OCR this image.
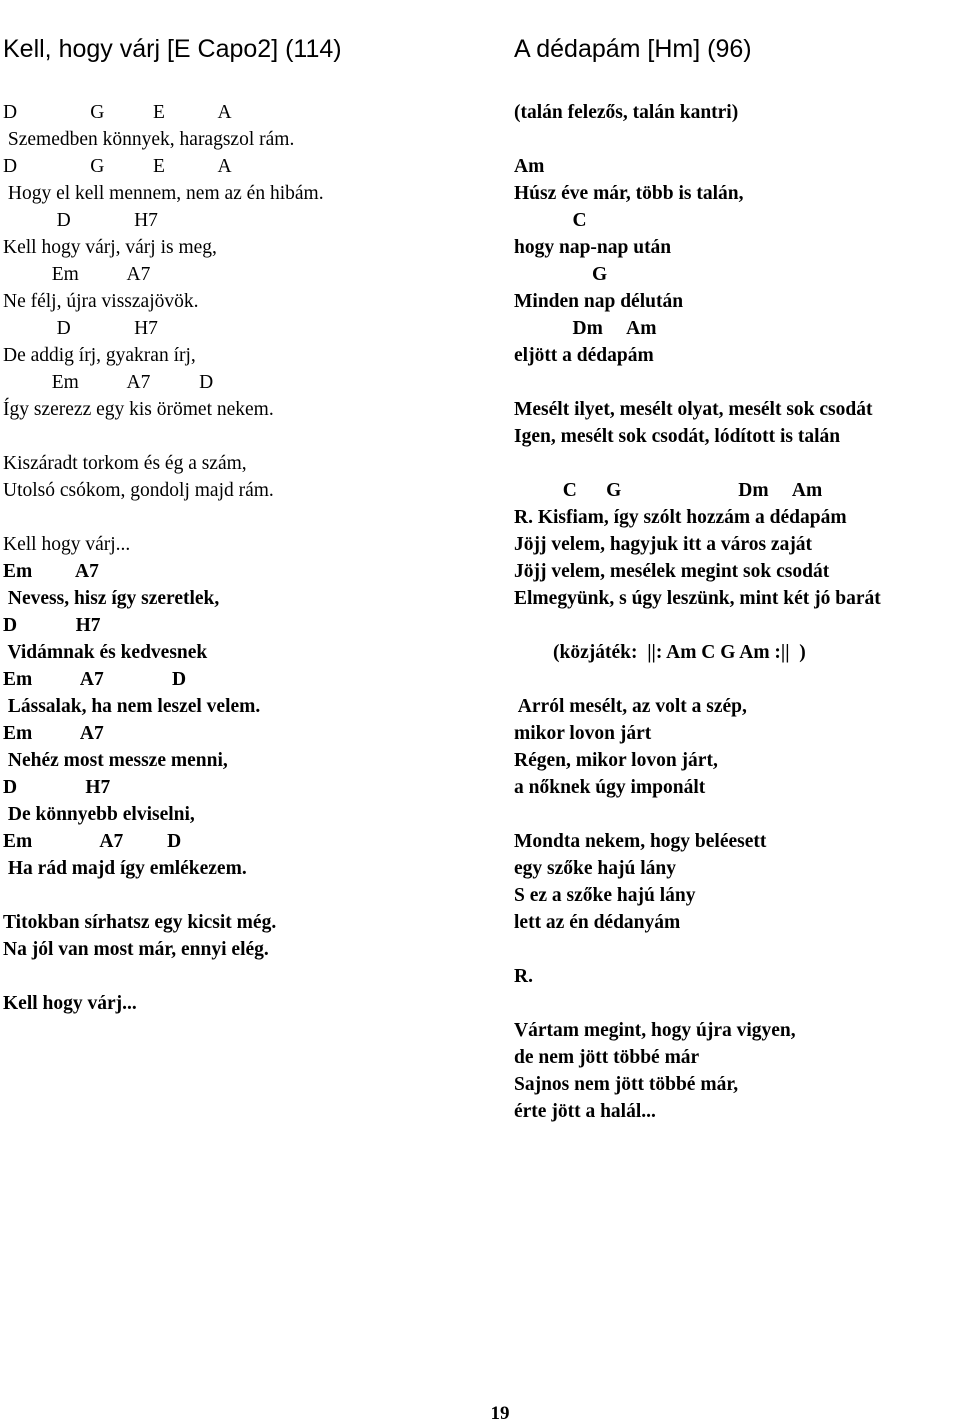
Kell, hogy várj [E Capo2] (114)

D               G          E           A
Szemedben könnyek, haragszol rám.
D               G          E           A
Hogy el kell mennem, nem az én hibám.
D             H7
Kell hogy várj, várj is meg,
Em          A7
Ne félj, újra visszajövök.
D             H7
De addig írj, gyakran írj,
Em          A7          D
Így szerezz egy kis örömet nekem.
Kiszáradt torkom és ég a szám,
Utolsó csókom, gondolj majd rám.
Kell hogy várj...
Em         A7
Nevess, hisz így szeretlek,
D            H7
Vidámnak és kedvesnek
Em          A7              D
Lássalak, ha nem leszel velem.
Em          A7
Nehéz most messze menni,
D              H7
De könnyebb elviselni,
Em              A7         D
Ha rád majd így emlékezem.
Titokban sírhatsz egy kicsit még.
Na jól van most már, ennyi elég.
Kell hogy várj...

A dédapám [Hm] (96)

(talán felezős, talán kantri)
Am
Húsz éve már, több is talán,
C
hogy nap-nap után
G
Minden nap délután
Dm     Am
eljött a dédapám
Mesélt ilyet, mesélt olyat, mesélt sok csodát
Igen, mesélt sok csodát, lódított is talán
C      G                        Dm     Am
R. Kisfiam, így szólt hozzám a dédapám
Jöjj velem, hagyjuk itt a város zaját
Jöjj velem, mesélek megint sok csodát
Elmegyünk, s úgy leszünk, mint két jó barát
(közjáték:  ||: Am C G Am :||  )
Arról mesélt, az volt a szép,
mikor lovon járt
Régen, mikor lovon járt,
a nőknek úgy imponált
Mondta nekem, hogy beléesett
egy szőke hajú lány
S ez a szőke hajú lány
lett az én dédanyám
R.
Vártam megint, hogy újra vigyen,
de nem jött többé már
Sajnos nem jött többé már,
érte jött a halál...

19
